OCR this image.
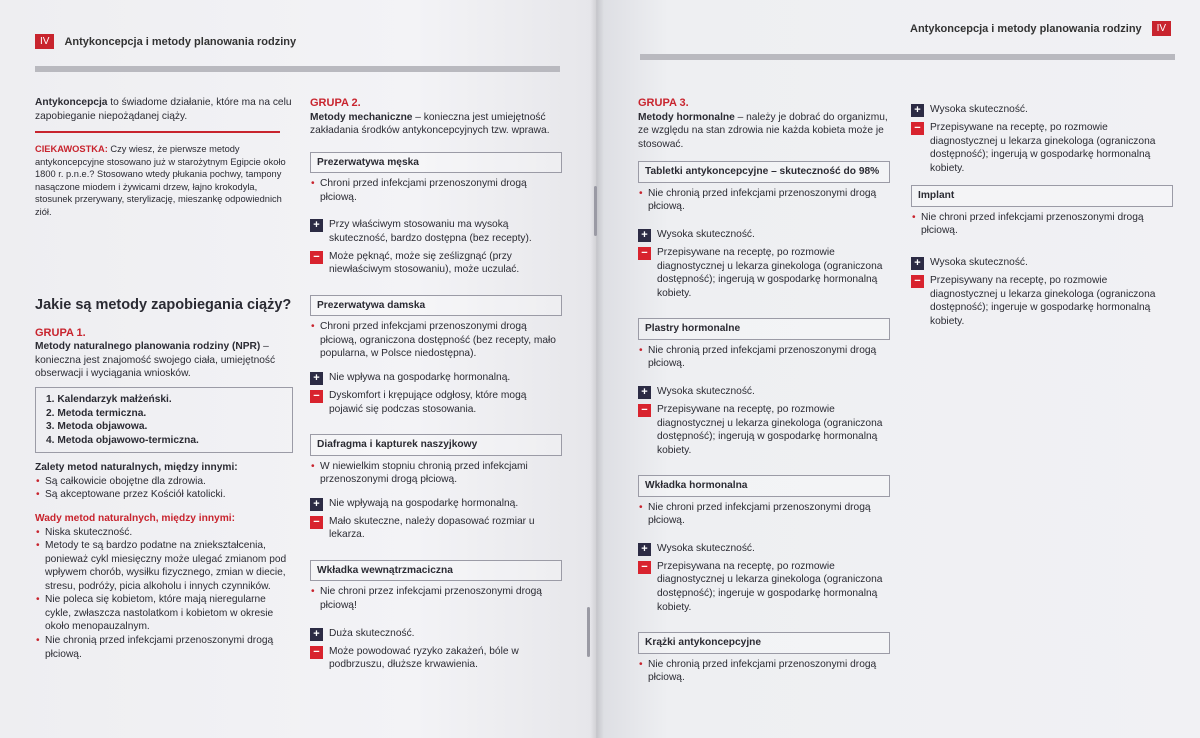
IV	Antykoncepcja i metody planowania rodziny
Antykoncepcja i metody planowania rodziny	IV
Antykoncepcja to świadome działanie, które ma na celu zapobieganie niepożądanej ciąży.
CIEKAWOSTKA: Czy wiesz, że pierwsze metody antykoncepcyjne stosowano już w starożytnym Egipcie około 1800 r. p.n.e.? Stosowano wtedy płukania pochwy, tampony nasączone miodem i żywicami drzew, łajno krokodyla, stosunek przerywany, sterylizację, mieszankę odpowiednich ziół.
Jakie są metody zapobiegania ciąży?
GRUPA 1.
Metody naturalnego planowania rodziny (NPR) – konieczna jest znajomość swojego ciała, umiejętność obserwacji i wyciągania wniosków.
1. Kalendarzyk małżeński.
2. Metoda termiczna.
3. Metoda objawowa.
4. Metoda objawowo-termiczna.
Zalety metod naturalnych, między innymi:
• Są całkowicie obojętne dla zdrowia.
• Są akceptowane przez Kościół katolicki.
Wady metod naturalnych, między innymi:
• Niska skuteczność.
• Metody te są bardzo podatne na zniekształcenia, ponieważ cykl miesięczny może ulegać zmianom pod wpływem chorób, wysiłku fizycznego, zmian w diecie, stresu, podróży, picia alkoholu i innych czynników.
• Nie poleca się kobietom, które mają nieregularne cykle, zwłaszcza nastolatkom i kobietom w okresie około menopauzalnym.
• Nie chronią przed infekcjami przenoszonymi drogą płciową.
GRUPA 2.
Metody mechaniczne – konieczna jest umiejętność zakładania środków antykoncepcyjnych tzw. wprawa.
Prezerwatywa męska
• Chroni przed infekcjami przenoszonymi drogą płciową.
+ Przy właściwym stosowaniu ma wysoką skuteczność, bardzo dostępna (bez recepty).
− Może pęknąć, może się ześlizgnąć (przy niewłaściwym stosowaniu), może uczulać.
Prezerwatywa damska
• Chroni przed infekcjami przenoszonymi drogą płciową, ograniczona dostępność (bez recepty, mało popularna, w Polsce niedostępna).
+ Nie wpływa na gospodarkę hormonalną.
− Dyskomfort i krępujące odgłosy, które mogą pojawić się podczas stosowania.
Diafragma i kapturek naszyjkowy
• W niewielkim stopniu chronią przed infekcjami przenoszonymi drogą płciową.
+ Nie wpływają na gospodarkę hormonalną.
− Mało skuteczne, należy dopasować rozmiar u lekarza.
Wkładka wewnątrzmaciczna
• Nie chroni przez infekcjami przenoszonymi drogą płciową!
+ Duża skuteczność.
− Może powodować ryzyko zakażeń, bóle w podbrzuszu, dłuższe krwawienia.
GRUPA 3.
Metody hormonalne – należy je dobrać do organizmu, ze względu na stan zdrowia nie każda kobieta może je stosować.
Tabletki antykoncepcyjne – skuteczność do 98%
• Nie chronią przed infekcjami przenoszonymi drogą płciową.
+ Wysoka skuteczność.
− Przepisywane na receptę, po rozmowie diagnostycznej u lekarza ginekologa (ograniczona dostępność); ingerują w gospodarkę hormonalną kobiety.
Plastry hormonalne
• Nie chronią przed infekcjami przenoszonymi drogą płciową.
+ Wysoka skuteczność.
− Przepisywane na receptę, po rozmowie diagnostycznej u lekarza ginekologa (ograniczona dostępność); ingerują w gospodarkę hormonalną kobiety.
Wkładka hormonalna
• Nie chroni przed infekcjami przenoszonymi drogą płciową.
+ Wysoka skuteczność.
− Przepisywana na receptę, po rozmowie diagnostycznej u lekarza ginekologa (ograniczona dostępność); ingeruje w gospodarkę hormonalną kobiety.
Krążki antykoncepcyjne
• Nie chronią przed infekcjami przenoszonymi drogą płciową.
+ Wysoka skuteczność.
− Przepisywane na receptę, po rozmowie diagnostycznej u lekarza ginekologa (ograniczona dostępność); ingerują w gospodarkę hormonalną kobiety.
Implant
• Nie chroni przed infekcjami przenoszonymi drogą płciową.
+ Wysoka skuteczność.
− Przepisywany na receptę, po rozmowie diagnostycznej u lekarza ginekologa (ograniczona dostępność); ingeruje w gospodarkę hormonalną kobiety.
